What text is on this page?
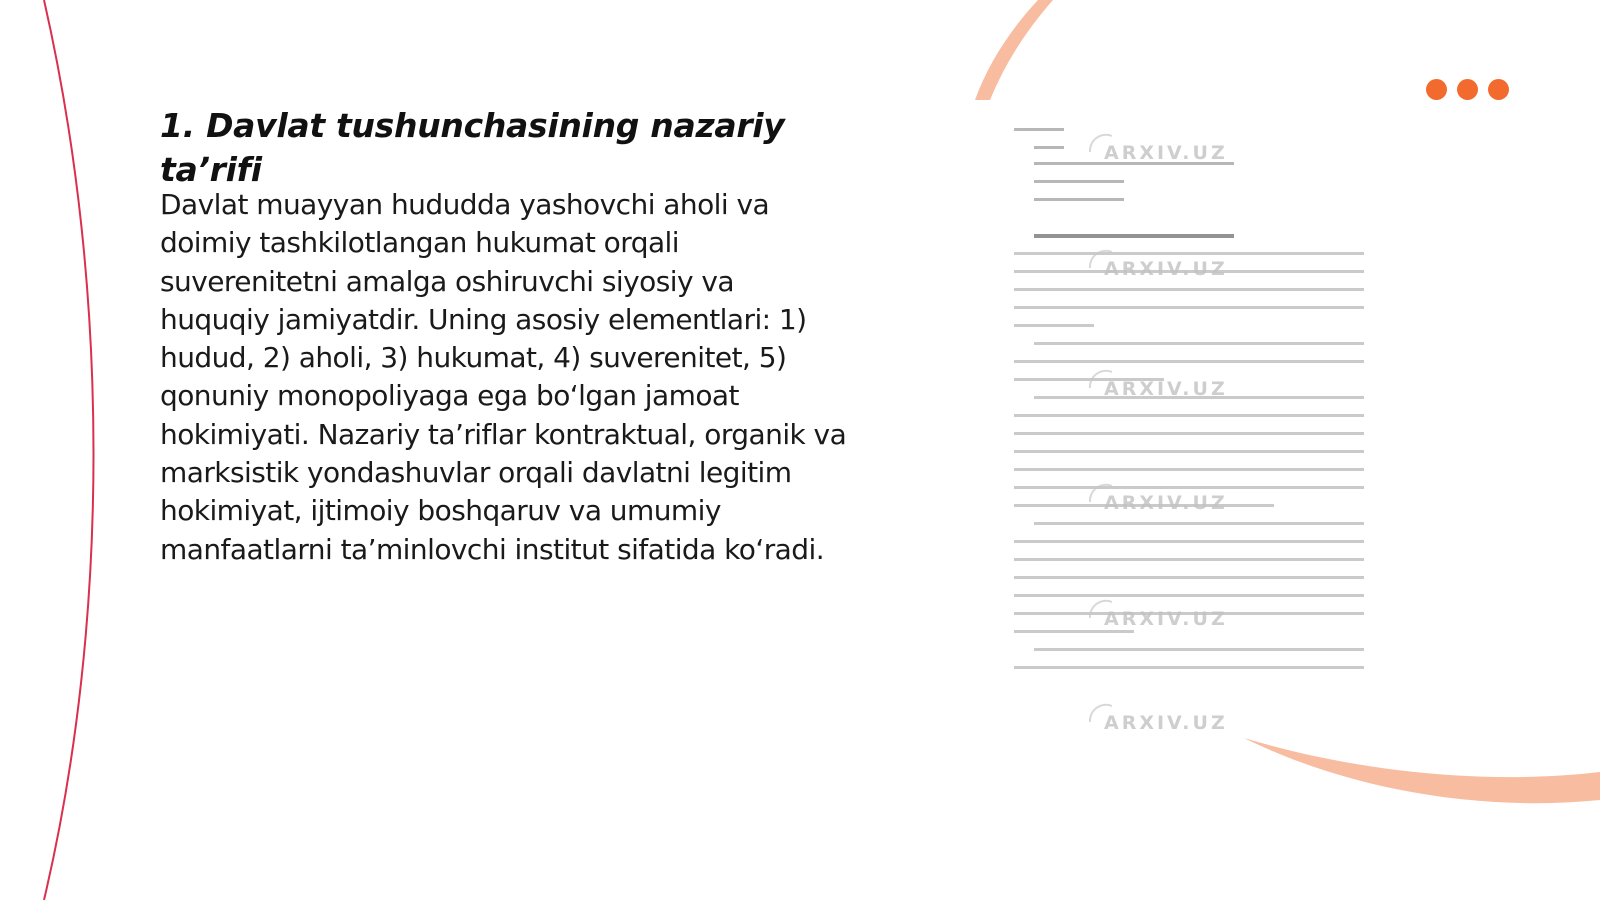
1. Davlat tushunchasining nazariy ta’rifi

Davlat muayyan hududda yashovchi aholi va doimiy tashkilotlangan hukumat orqali suverenitetni amalga oshiruvchi siyosiy va huquqiy jamiyatdir. Uning asosiy elementlari: 1) hudud, 2) aholi, 3) hukumat, 4) suverenitet, 5) qonuniy monopoliyaga ega bo‘lgan jamoat hokimiyati. Nazariy ta’riflar kontraktual, organik va marksistik yondashuvlar orqali davlatni legitim hokimiyat, ijtimoiy boshqaruv va umumiy manfaatlarni ta’minlovchi institut sifatida ko‘radi.

ARXIV.UZ
ARXIV.UZ
ARXIV.UZ
ARXIV.UZ
ARXIV.UZ
ARXIV.UZ
